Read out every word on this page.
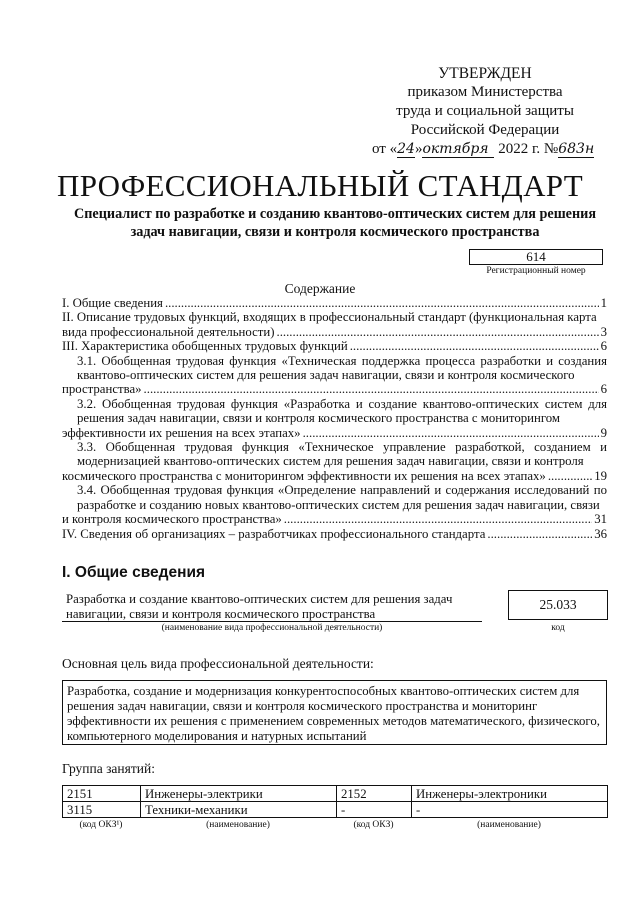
УТВЕРЖДЕН
приказом Министерства
труда и социальной защиты
Российской Федерации
от «24»октября 2022 г. №683н
ПРОФЕССИОНАЛЬНЫЙ СТАНДАРТ
Специалист по разработке и созданию квантово-оптических систем для решения задач навигации, связи и контроля космического пространства
614
Регистрационный номер
Содержание
I. Общие сведения .....	1
II. Описание трудовых функций, входящих в профессиональный стандарт (функциональная карта
вида профессиональной деятельности) .....	3
III. Характеристика обобщенных трудовых функций .....	6
3.1. Обобщенная трудовая функция «Техническая поддержка процесса разработки и создания квантово-оптических систем для решения задач навигации, связи и контроля космического
пространства» .....	6
3.2. Обобщенная трудовая функция «Разработка и создание квантово-оптических систем для решения задач навигации, связи и контроля космического пространства с мониторингом
эффективности их решения на всех этапах» .....	9
3.3. Обобщенная трудовая функция «Техническое управление разработкой, созданием и модернизацией квантово-оптических систем для решения задач навигации, связи и контроля
космического пространства с мониторингом эффективности их решения на всех этапах» .....	19
3.4. Обобщенная трудовая функция «Определение направлений и содержания исследований по разработке и созданию новых квантово-оптических систем для решения задач навигации, связи
и контроля космического пространства» .....	31
IV. Сведения об организациях – разработчиках профессионального стандарта .....	36
I. Общие сведения
Разработка и создание квантово-оптических систем для решения задач навигации, связи и контроля космического пространства
(наименование вида профессиональной деятельности)
25.033
код
Основная цель вида профессиональной деятельности:
Разработка, создание и модернизация конкурентоспособных квантово-оптических систем для решения задач навигации, связи и контроля космического пространства и мониторинг эффективности их решения с применением современных методов математического, физического, компьютерного моделирования и натурных испытаний
Группа занятий:
2151	Инженеры-электрики	2152	Инженеры-электроники
3115	Техники-механики	-	-
(код ОКЗ¹)	(наименование)	(код ОКЗ)	(наименование)
